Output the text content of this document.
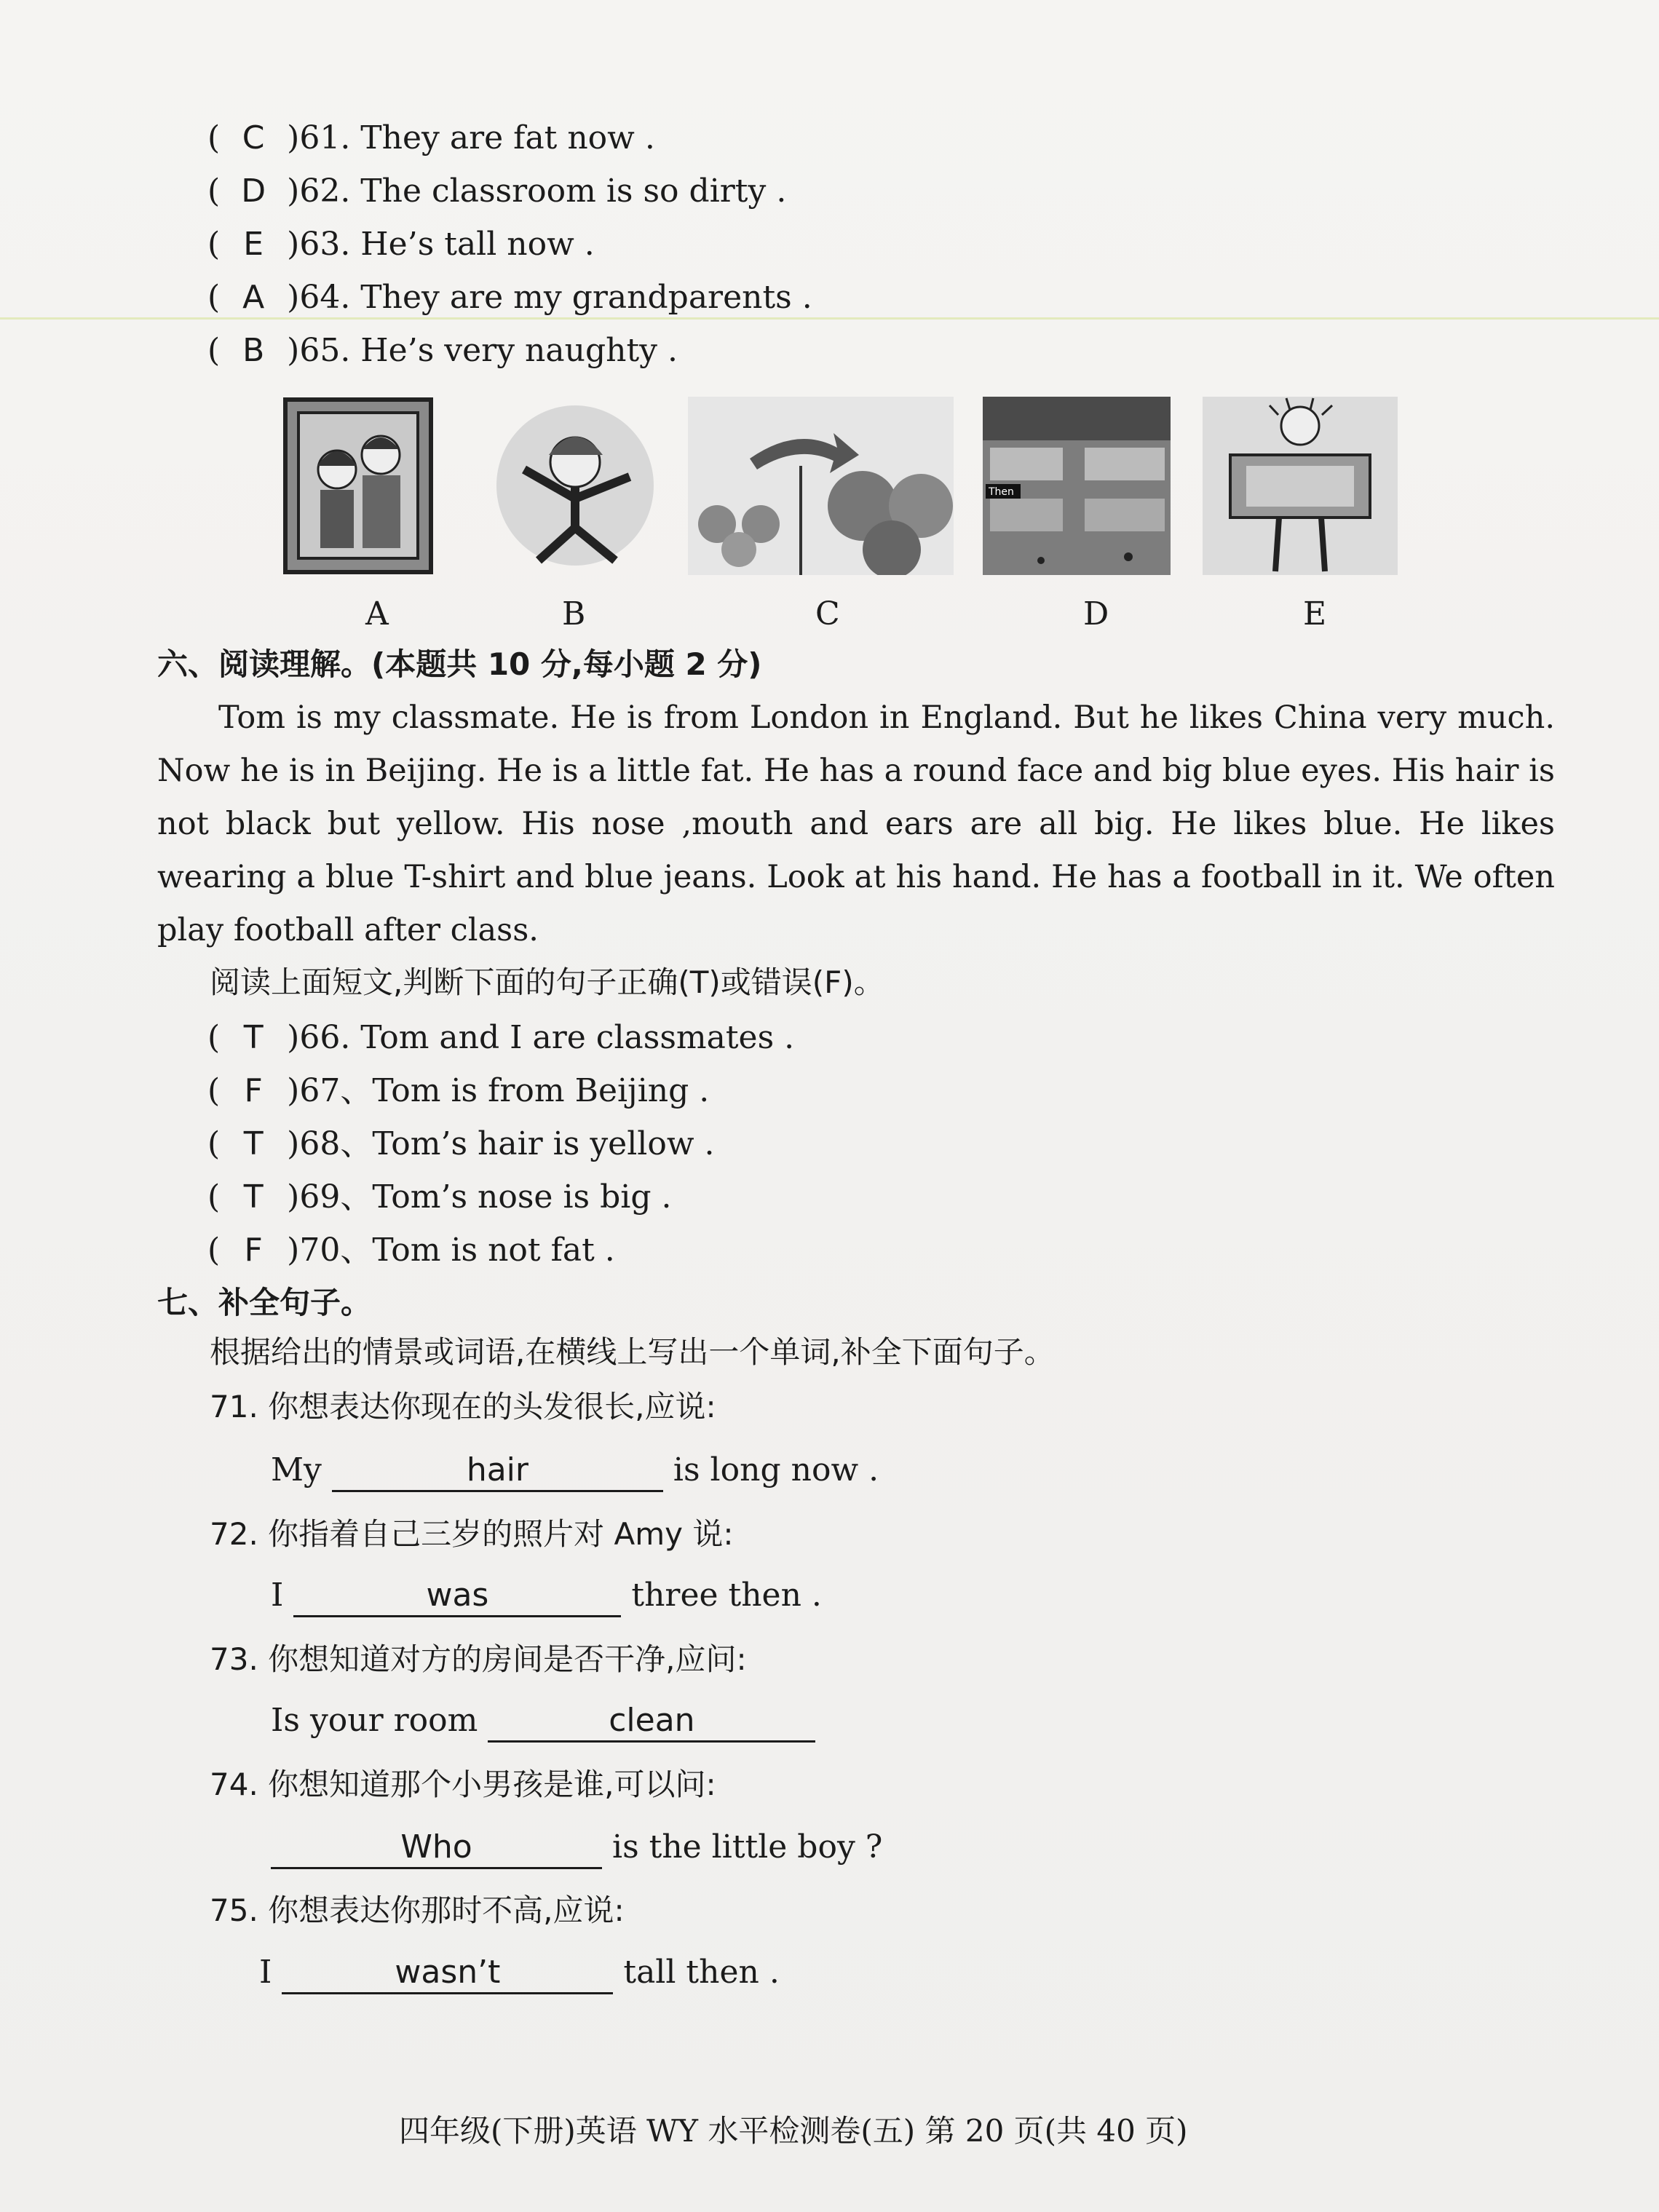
( C )61. They are fat now .
( D )62. The classroom is so dirty .
( E )63. He’s tall now .
( A )64. They are my grandparents .
( B )65. He’s very naughty .
Then
A	B	C	D	E
六、阅读理解。(本题共 10 分,每小题 2 分)
Tom is my classmate. He is from London in England. But he likes China very much. Now he is in Beijing. He is a little fat. He has a round face and big blue eyes. His hair is not black but yellow. His nose ,mouth and ears are all big. He likes blue. He likes wearing a blue T-shirt and blue jeans. Look at his hand. He has a football in it. We often play football after class.
阅读上面短文,判断下面的句子正确(T)或错误(F)。
( T )66. Tom and I are classmates .
( F )67、Tom is from Beijing .
( T )68、Tom’s hair is yellow .
( T )69、Tom’s nose is big .
( F )70、Tom is not fat .
七、补全句子。
根据给出的情景或词语,在横线上写出一个单词,补全下面句子。
71. 你想表达你现在的头发很长,应说:
My	hair	is long now .
72. 你指着自己三岁的照片对 Amy 说:
I	was	three then .
73. 你想知道对方的房间是否干净,应问:
Is your room	clean
74. 你想知道那个小男孩是谁,可以问:
Who	is the little boy ?
75. 你想表达你那时不高,应说:
I	wasn’t	tall then .
四年级(下册)英语 WY 水平检测卷(五) 第 20 页(共 40 页)
